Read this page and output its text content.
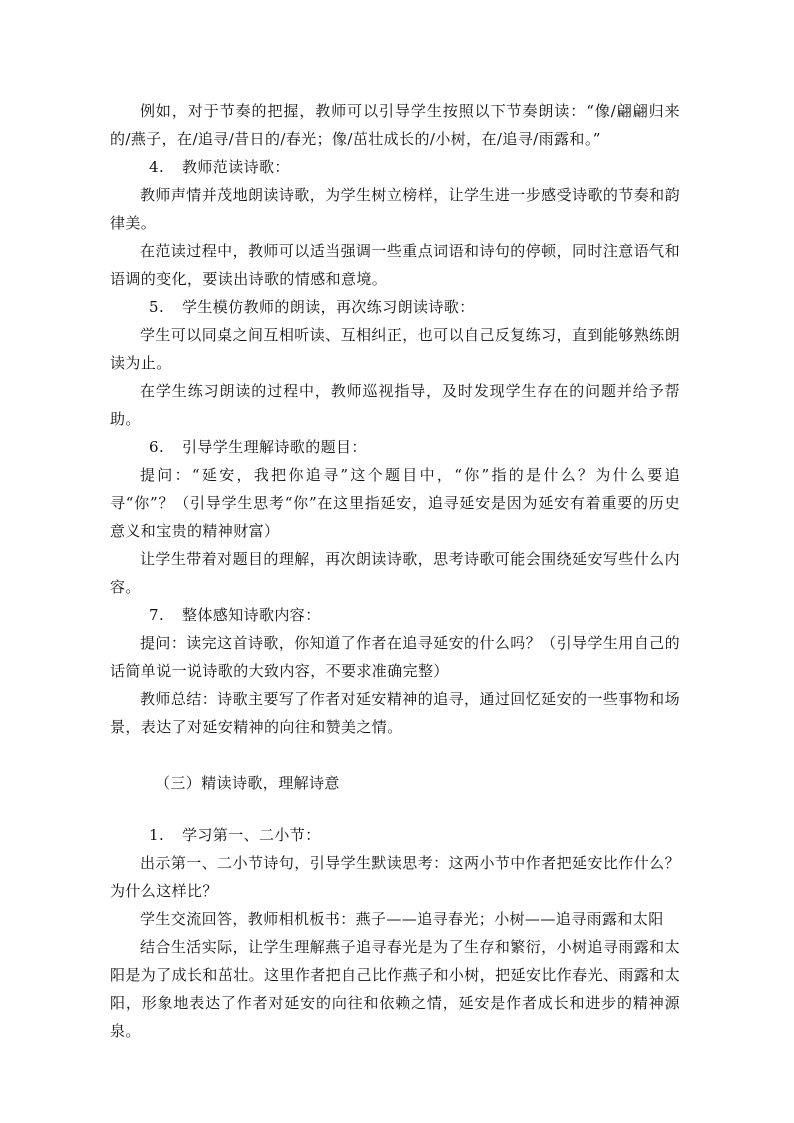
例如，对于节奏的把握，教师可以引导学生按照以下节奏朗读：“像/翩翩归来的/燕子，在/追寻/昔日的/春光；像/茁壮成长的/小树，在/追寻/雨露和。”

4. 教师范读诗歌：

教师声情并茂地朗读诗歌，为学生树立榜样，让学生进一步感受诗歌的节奏和韵律美。

在范读过程中，教师可以适当强调一些重点词语和诗句的停顿，同时注意语气和语调的变化，要读出诗歌的情感和意境。

5. 学生模仿教师的朗读，再次练习朗读诗歌：

学生可以同桌之间互相听读、互相纠正，也可以自己反复练习，直到能够熟练朗读为止。

在学生练习朗读的过程中，教师巡视指导，及时发现学生存在的问题并给予帮助。

6. 引导学生理解诗歌的题目：

提问：“延安，我把你追寻”这个题目中，“你”指的是什么？为什么要追寻“你”？（引导学生思考“你”在这里指延安，追寻延安是因为延安有着重要的历史意义和宝贵的精神财富）

让学生带着对题目的理解，再次朗读诗歌，思考诗歌可能会围绕延安写些什么内容。

7. 整体感知诗歌内容：

提问：读完这首诗歌，你知道了作者在追寻延安的什么吗？（引导学生用自己的话简单说一说诗歌的大致内容，不要求准确完整）

教师总结：诗歌主要写了作者对延安精神的追寻，通过回忆延安的一些事物和场景，表达了对延安精神的向往和赞美之情。

（三）精读诗歌，理解诗意

1. 学习第一、二小节：

出示第一、二小节诗句，引导学生默读思考：这两小节中作者把延安比作什么？为什么这样比？

学生交流回答，教师相机板书：燕子——追寻春光；小树——追寻雨露和太阳

结合生活实际，让学生理解燕子追寻春光是为了生存和繁衍，小树追寻雨露和太阳是为了成长和茁壮。这里作者把自己比作燕子和小树，把延安比作春光、雨露和太阳，形象地表达了作者对延安的向往和依赖之情，延安是作者成长和进步的精神源泉。
